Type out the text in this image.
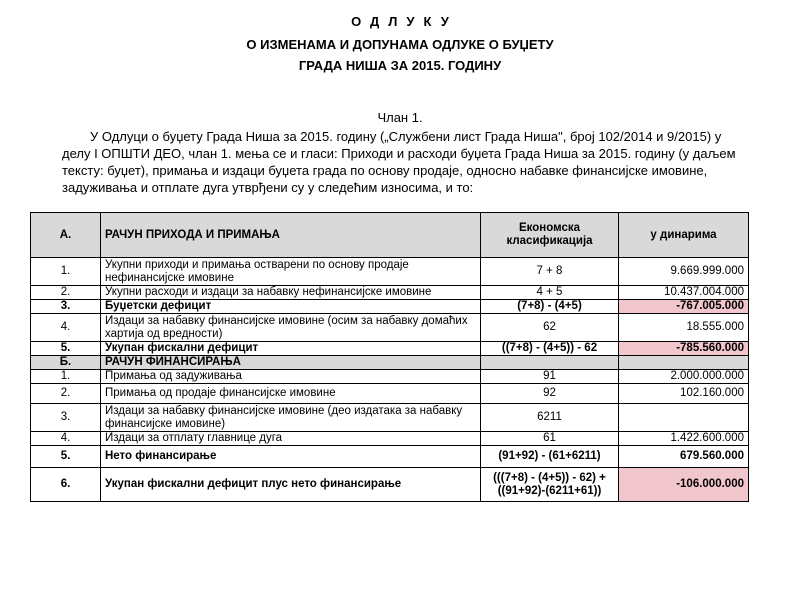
ОДЛУКУ
О ИЗМЕНАМА И ДОПУНАМА ОДЛУКЕ О БУЏЕТУ
ГРАДА НИША ЗА 2015. ГОДИНУ
Члан 1.
У Одлуци о буџету Града Ниша за 2015. годину („Службени лист Града Ниша", број 102/2014 и 9/2015) у делу I ОПШТИ ДЕО, члан 1. мења се и гласи: Приходи и расходи буџета Града Ниша за 2015. годину (у даљем тексту: буџет), примања и издаци буџета града по основу продаје, односно набавке финансијске имовине, задуживања и отплате дуга утврђени су у следећим износима, и то:
А.	РАЧУН ПРИХОДА И ПРИМАЊА	Економска класификација	у динарима
1.	Укупни приходи и примања остварени по основу продаје нефинансијске имовине	7 + 8	9.669.999.000
2.	Укупни расходи и издаци за набавку нефинансијске имовине	4 + 5	10.437.004.000
3.	Буџетски дефицит	(7+8) - (4+5)	-767.005.000
4.	Издаци за набавку финансијске имовине (осим за набавку домаћих хартија од вредности)	62	18.555.000
5.	Укупан фискални дефицит	((7+8) - (4+5)) - 62	-785.560.000
Б.	РАЧУН ФИНАНСИРАЊА		
1.	Примања од задуживања	91	2.000.000.000
2.	Примања од продаје финансијске имовине	92	102.160.000
3.	Издаци за набавку финансијске имовине (део издатака за набавку финансијске имовине)	6211	
4.	Издаци за отплату главнице дуга	61	1.422.600.000
5.	Нето финансирање	(91+92) - (61+6211)	679.560.000
6.	Укупан фискални дефицит плус нето финансирање	(((7+8) - (4+5)) - 62) + ((91+92)-(6211+61))	-106.000.000
